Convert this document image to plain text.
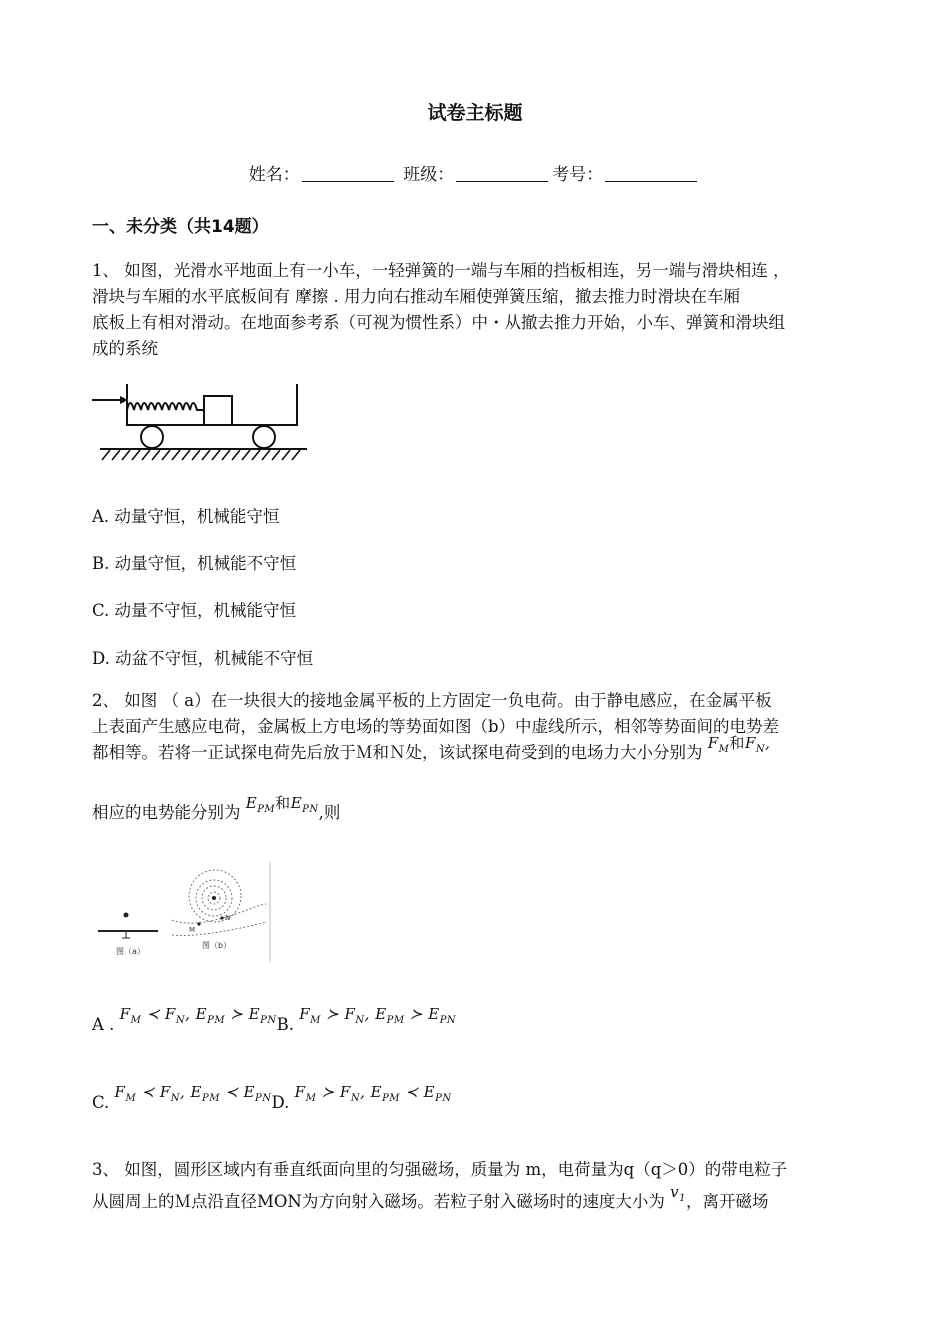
试卷主标题
姓名：	班级：	考号：
一、未分类（共14题）
1、 如图，光滑水平地面上有一小车，一轻弹簧的一端与车厢的挡板相连，另一端与滑块相连 ，
滑块与车厢的水平底板间有 摩擦 . 用力向右推动车厢使弹簧压缩，撤去推力时滑块在车厢
底板上有相对滑动。在地面参考系（可视为惯性系）中・从撤去推力开始，小车、弹簧和滑块组
成的系统
A. 动量守恒，机械能守恒
B. 动量守恒，机械能不守恒
C. 动量不守恒，机械能守恒
D. 动盆不守恒，机械能不守恒
2、 如图 （ a）在一块很大的接地金属平板的上方固定一负电荷。由于静电感应，在金属平板
上表面产生感应电荷，金属板上方电场的等势面如图（b）中虚线所示，相邻等势面间的电势差
都相等。若将一正试探电荷先后放于Ｍ和Ｎ处，该试探电荷受到的电场力大小分别为 $F_M$和$F_N$,
相应的电势能分别为 $E_{PM}$和$E_{PN}$,则
图（a）
M
N
图（b）
A . $F_M$ ≺ $F_N$, $E_{PM}$ ≻ $E_{PN}B$. $F_M$ ≻ $F_N$, $E_{PM}$ ≻ $E_{PN}$
C. $F_M$ ≺ $F_N$, $E_{PM}$ ≺ $E_{PN}D$. $F_M$ ≻ $F_N$, $E_{PM}$ ≺ $E_{PN}$
3、 如图，圆形区域内有垂直纸面向里的匀强磁场，质量为 m，电荷量为q（q＞0）的带电粒子
从圆周上的Ｍ点沿直径MON为方向射入磁场。若粒子射入磁场时的速度大小为 $v_1$，离开磁场
